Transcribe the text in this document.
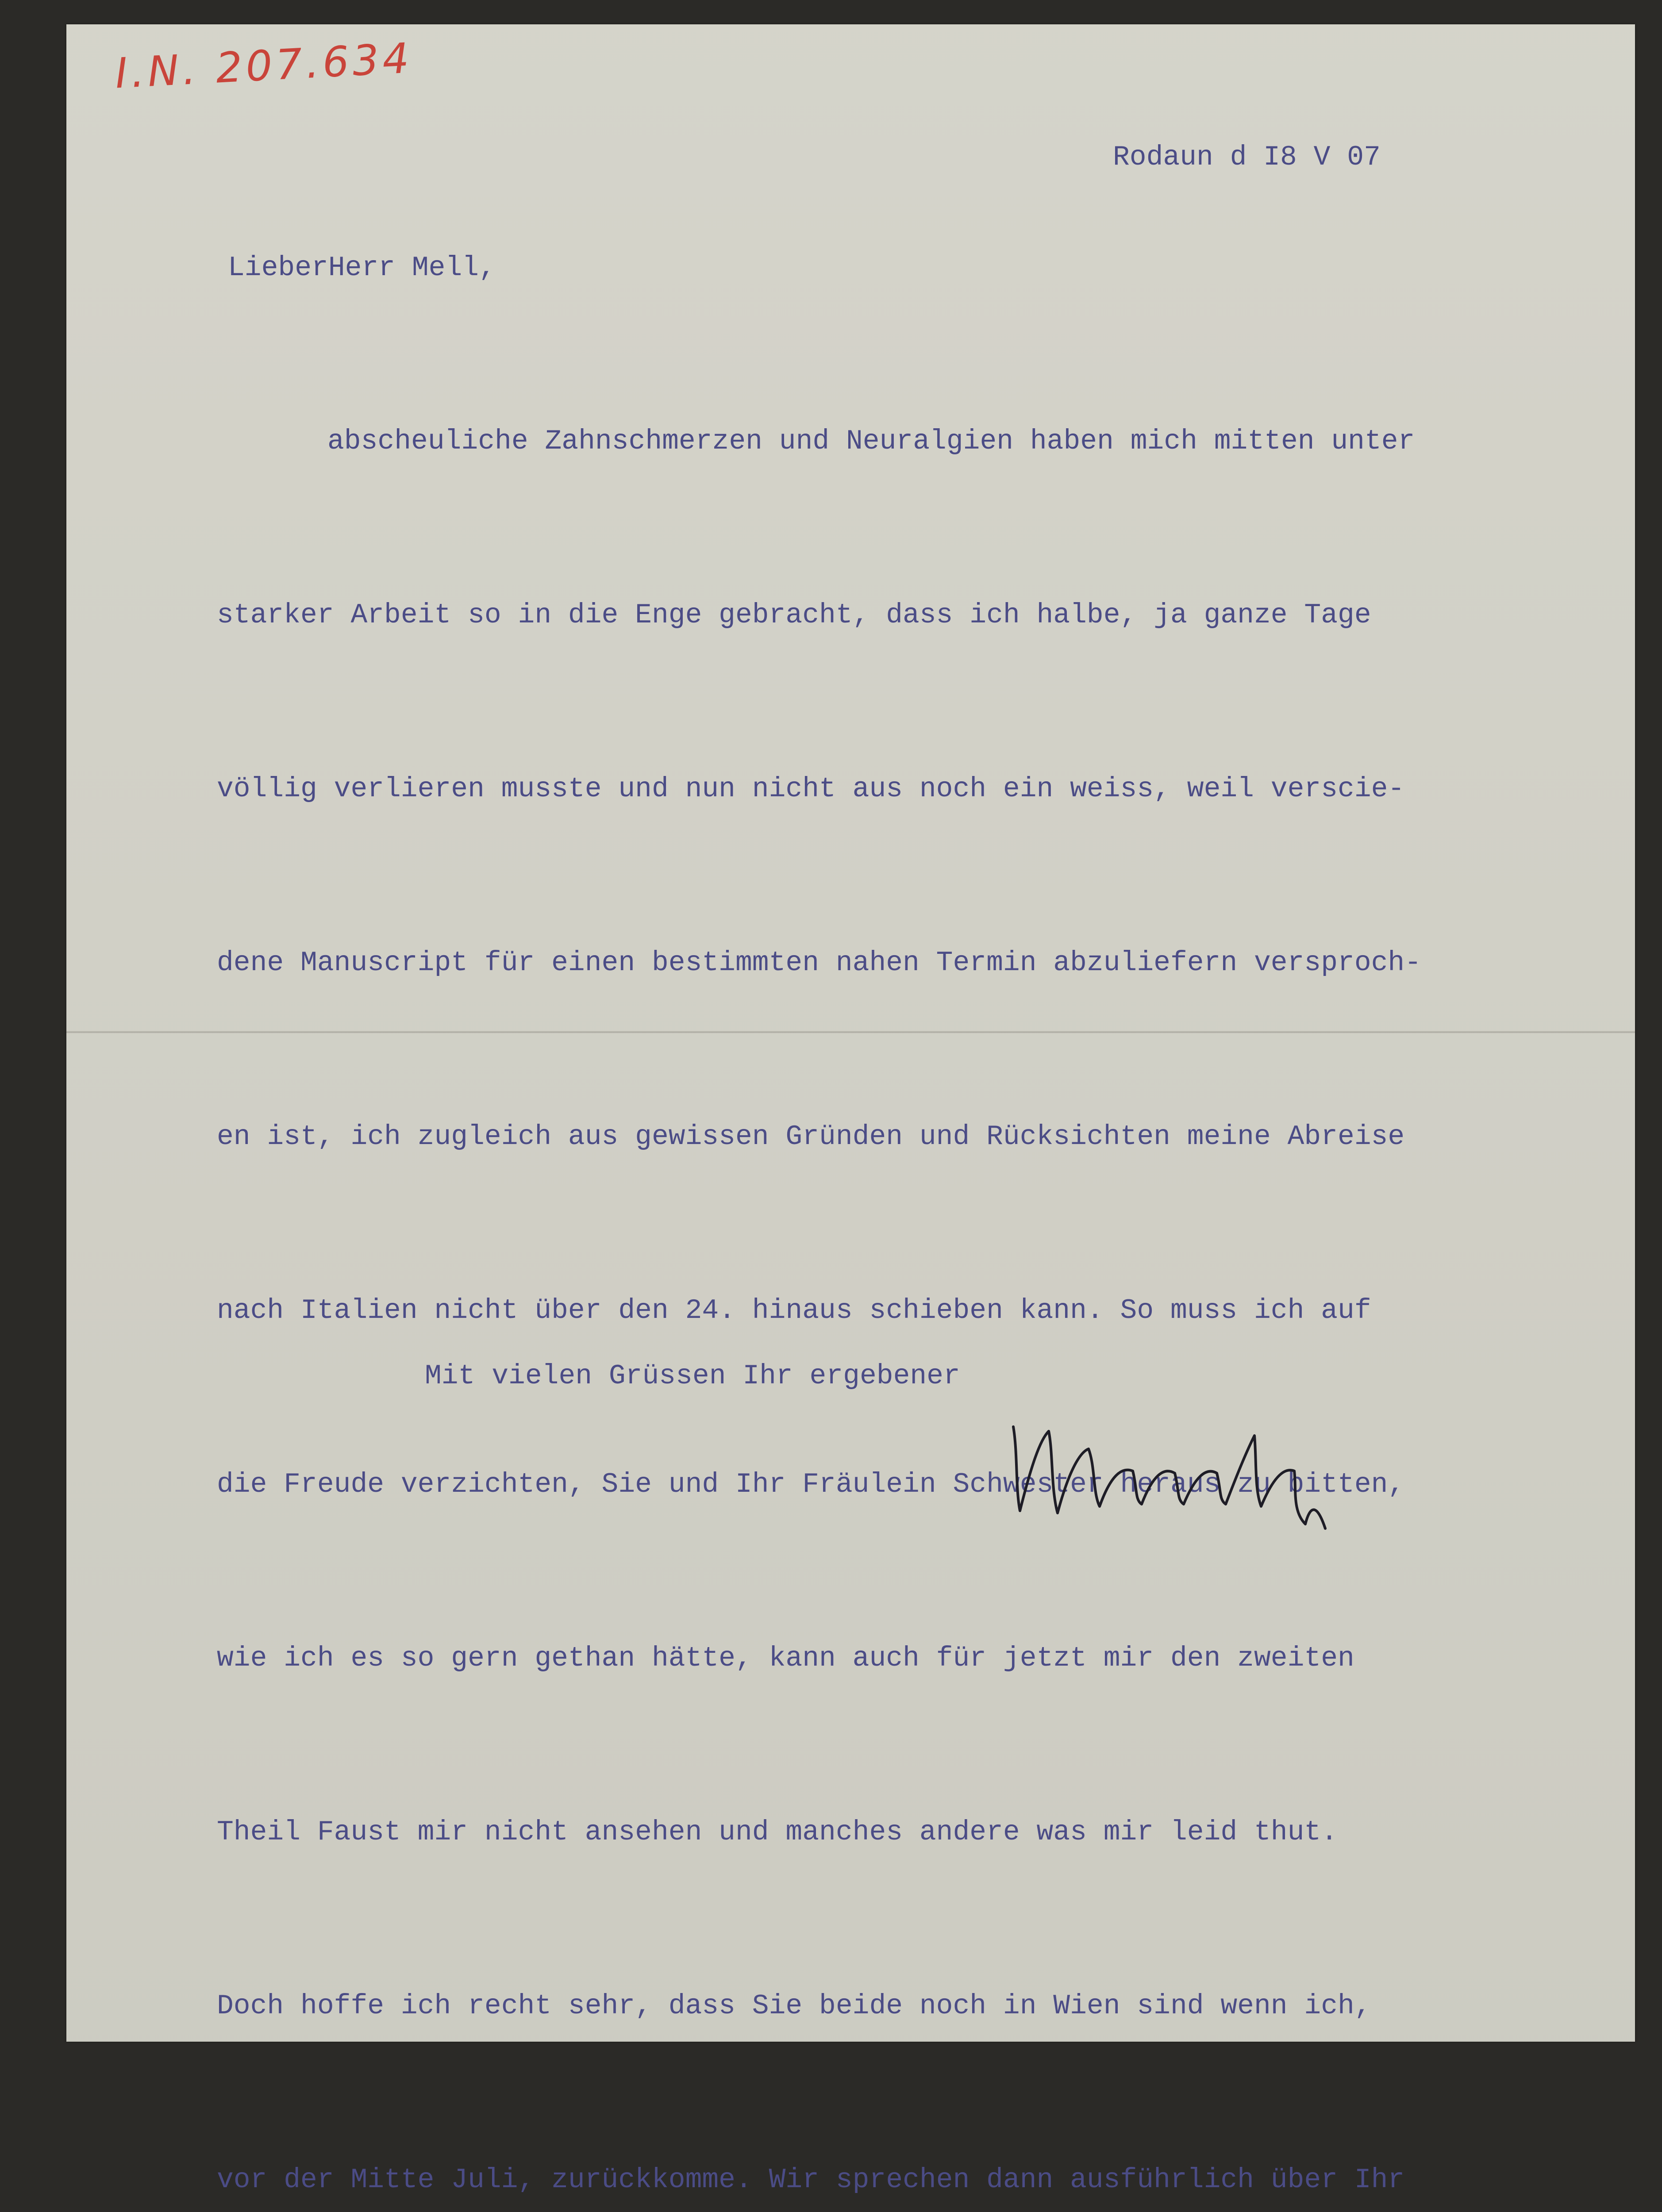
I.N. 207.634
Rodaun d I8 V 07
LieberHerr Mell,

abscheuliche Zahnschmerzen und Neuralgien haben mich mitten unter

starker Arbeit so in die Enge gebracht, dass ich halbe, ja ganze Tage

völlig verlieren musste und nun nicht aus noch ein weiss, weil verscie-

dene Manuscript für einen bestimmten nahen Termin abzuliefern versproch-

en ist, ich zugleich aus gewissen Gründen und Rücksichten meine Abreise

nach Italien nicht über den 24. hinaus schieben kann. So muss ich auf

die Freude verzichten, Sie und Ihr Fräulein Schwester heraus zu bitten,

wie ich es so gern gethan hätte, kann auch für jetzt mir den zweiten

Theil Faust mir nicht ansehen und manches andere was mir leid thut.

Doch hoffe ich recht sehr, dass Sie beide noch in Wien sind wenn ich,

vor der Mitte Juli, zurückkomme. Wir sprechen dann ausführlich über Ihr

Mit vielen Grüssen Ihr ergebener
